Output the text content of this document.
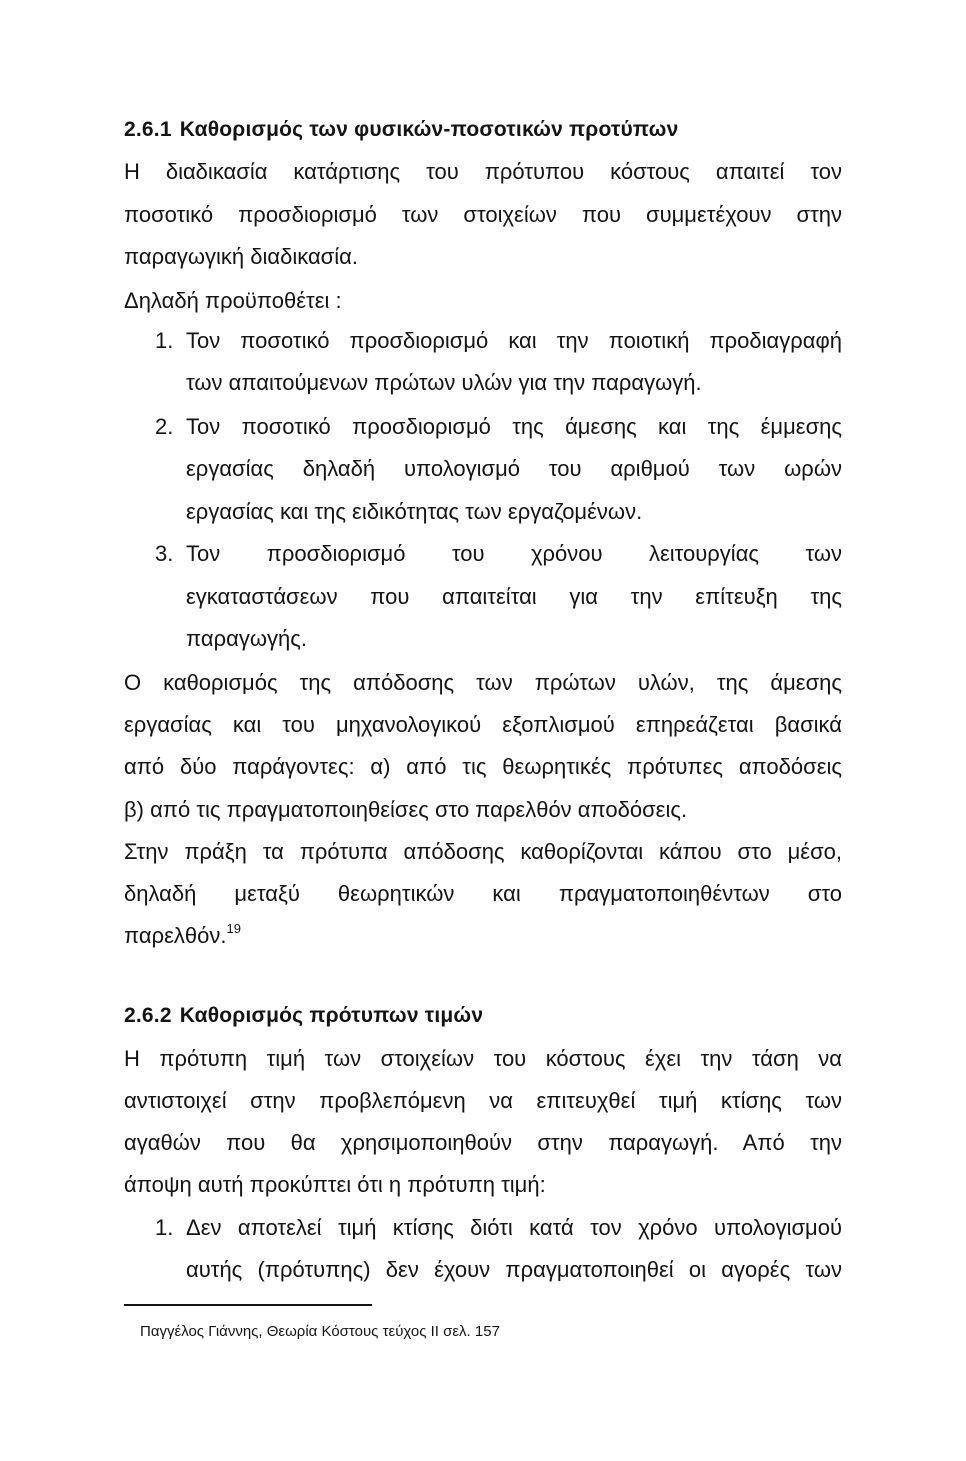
2.6.1 Καθορισμός των φυσικών-ποσοτικών προτύπων
Η διαδικασία κατάρτισης του πρότυπου κόστους απαιτεί τον
ποσοτικό προσδιορισμό των στοιχείων που συμμετέχουν στην
παραγωγική διαδικασία.
Δηλαδή προϋποθέτει :
1. Τον ποσοτικό προσδιορισμό και την ποιοτική προδιαγραφή
των απαιτούμενων πρώτων υλών για την παραγωγή.
2. Τον ποσοτικό προσδιορισμό της άμεσης και της έμμεσης
εργασίας δηλαδή υπολογισμό του αριθμού των ωρών
εργασίας και της ειδικότητας των εργαζομένων.
3. Τον προσδιορισμό του χρόνου λειτουργίας των
εγκαταστάσεων που απαιτείται για την επίτευξη της
παραγωγής.
Ο καθορισμός της απόδοσης των πρώτων υλών, της άμεσης
εργασίας και του μηχανολογικού εξοπλισμού επηρεάζεται βασικά
από δύο παράγοντες: α) από τις θεωρητικές πρότυπες αποδόσεις
β) από τις πραγματοποιηθείσες στο παρελθόν αποδόσεις.
Στην πράξη τα πρότυπα απόδοσης καθορίζονται κάπου στο μέσο,
δηλαδή μεταξύ θεωρητικών και πραγματοποιηθέντων στο
παρελθόν.$^{19}$
2.6.2 Καθορισμός πρότυπων τιμών
Η πρότυπη τιμή των στοιχείων του κόστους έχει την τάση να
αντιστοιχεί στην προβλεπόμενη να επιτευχθεί τιμή κτίσης των
αγαθών που θα χρησιμοποιηθούν στην παραγωγή. Από την
άποψη αυτή προκύπτει ότι η πρότυπη τιμή:
1. Δεν αποτελεί τιμή κτίσης διότι κατά τον χρόνο υπολογισμού
αυτής (πρότυπης) δεν έχουν πραγματοποιηθεί οι αγορές των
Παγγέλος Γιάννης, Θεωρία Κόστους τεύχος II σελ. 157
